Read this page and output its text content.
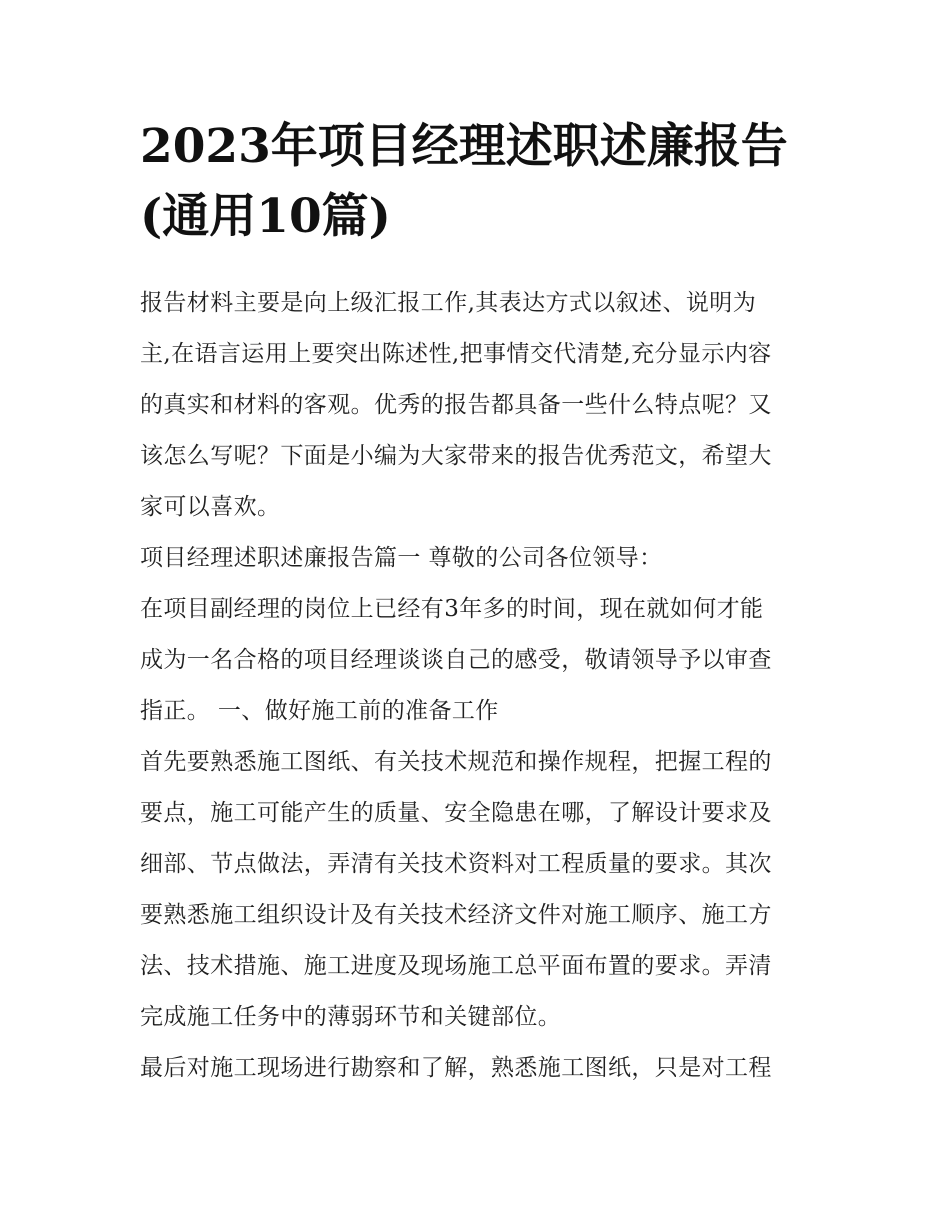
2023年项目经理述职述廉报告
(通用10篇)

报告材料主要是向上级汇报工作,其表达方式以叙述、说明为
主,在语言运用上要突出陈述性,把事情交代清楚,充分显示内容
的真实和材料的客观。优秀的报告都具备一些什么特点呢？又
该怎么写呢？下面是小编为大家带来的报告优秀范文，希望大
家可以喜欢。

项目经理述职述廉报告篇一 尊敬的公司各位领导：

在项目副经理的岗位上已经有3年多的时间，现在就如何才能
成为一名合格的项目经理谈谈自己的感受，敬请领导予以审查
指正。 一、做好施工前的准备工作

首先要熟悉施工图纸、有关技术规范和操作规程，把握工程的
要点，施工可能产生的质量、安全隐患在哪，了解设计要求及
细部、节点做法，弄清有关技术资料对工程质量的要求。其次
要熟悉施工组织设计及有关技术经济文件对施工顺序、施工方
法、技术措施、施工进度及现场施工总平面布置的要求。弄清
完成施工任务中的薄弱环节和关键部位。

最后对施工现场进行勘察和了解，熟悉施工图纸，只是对工程
